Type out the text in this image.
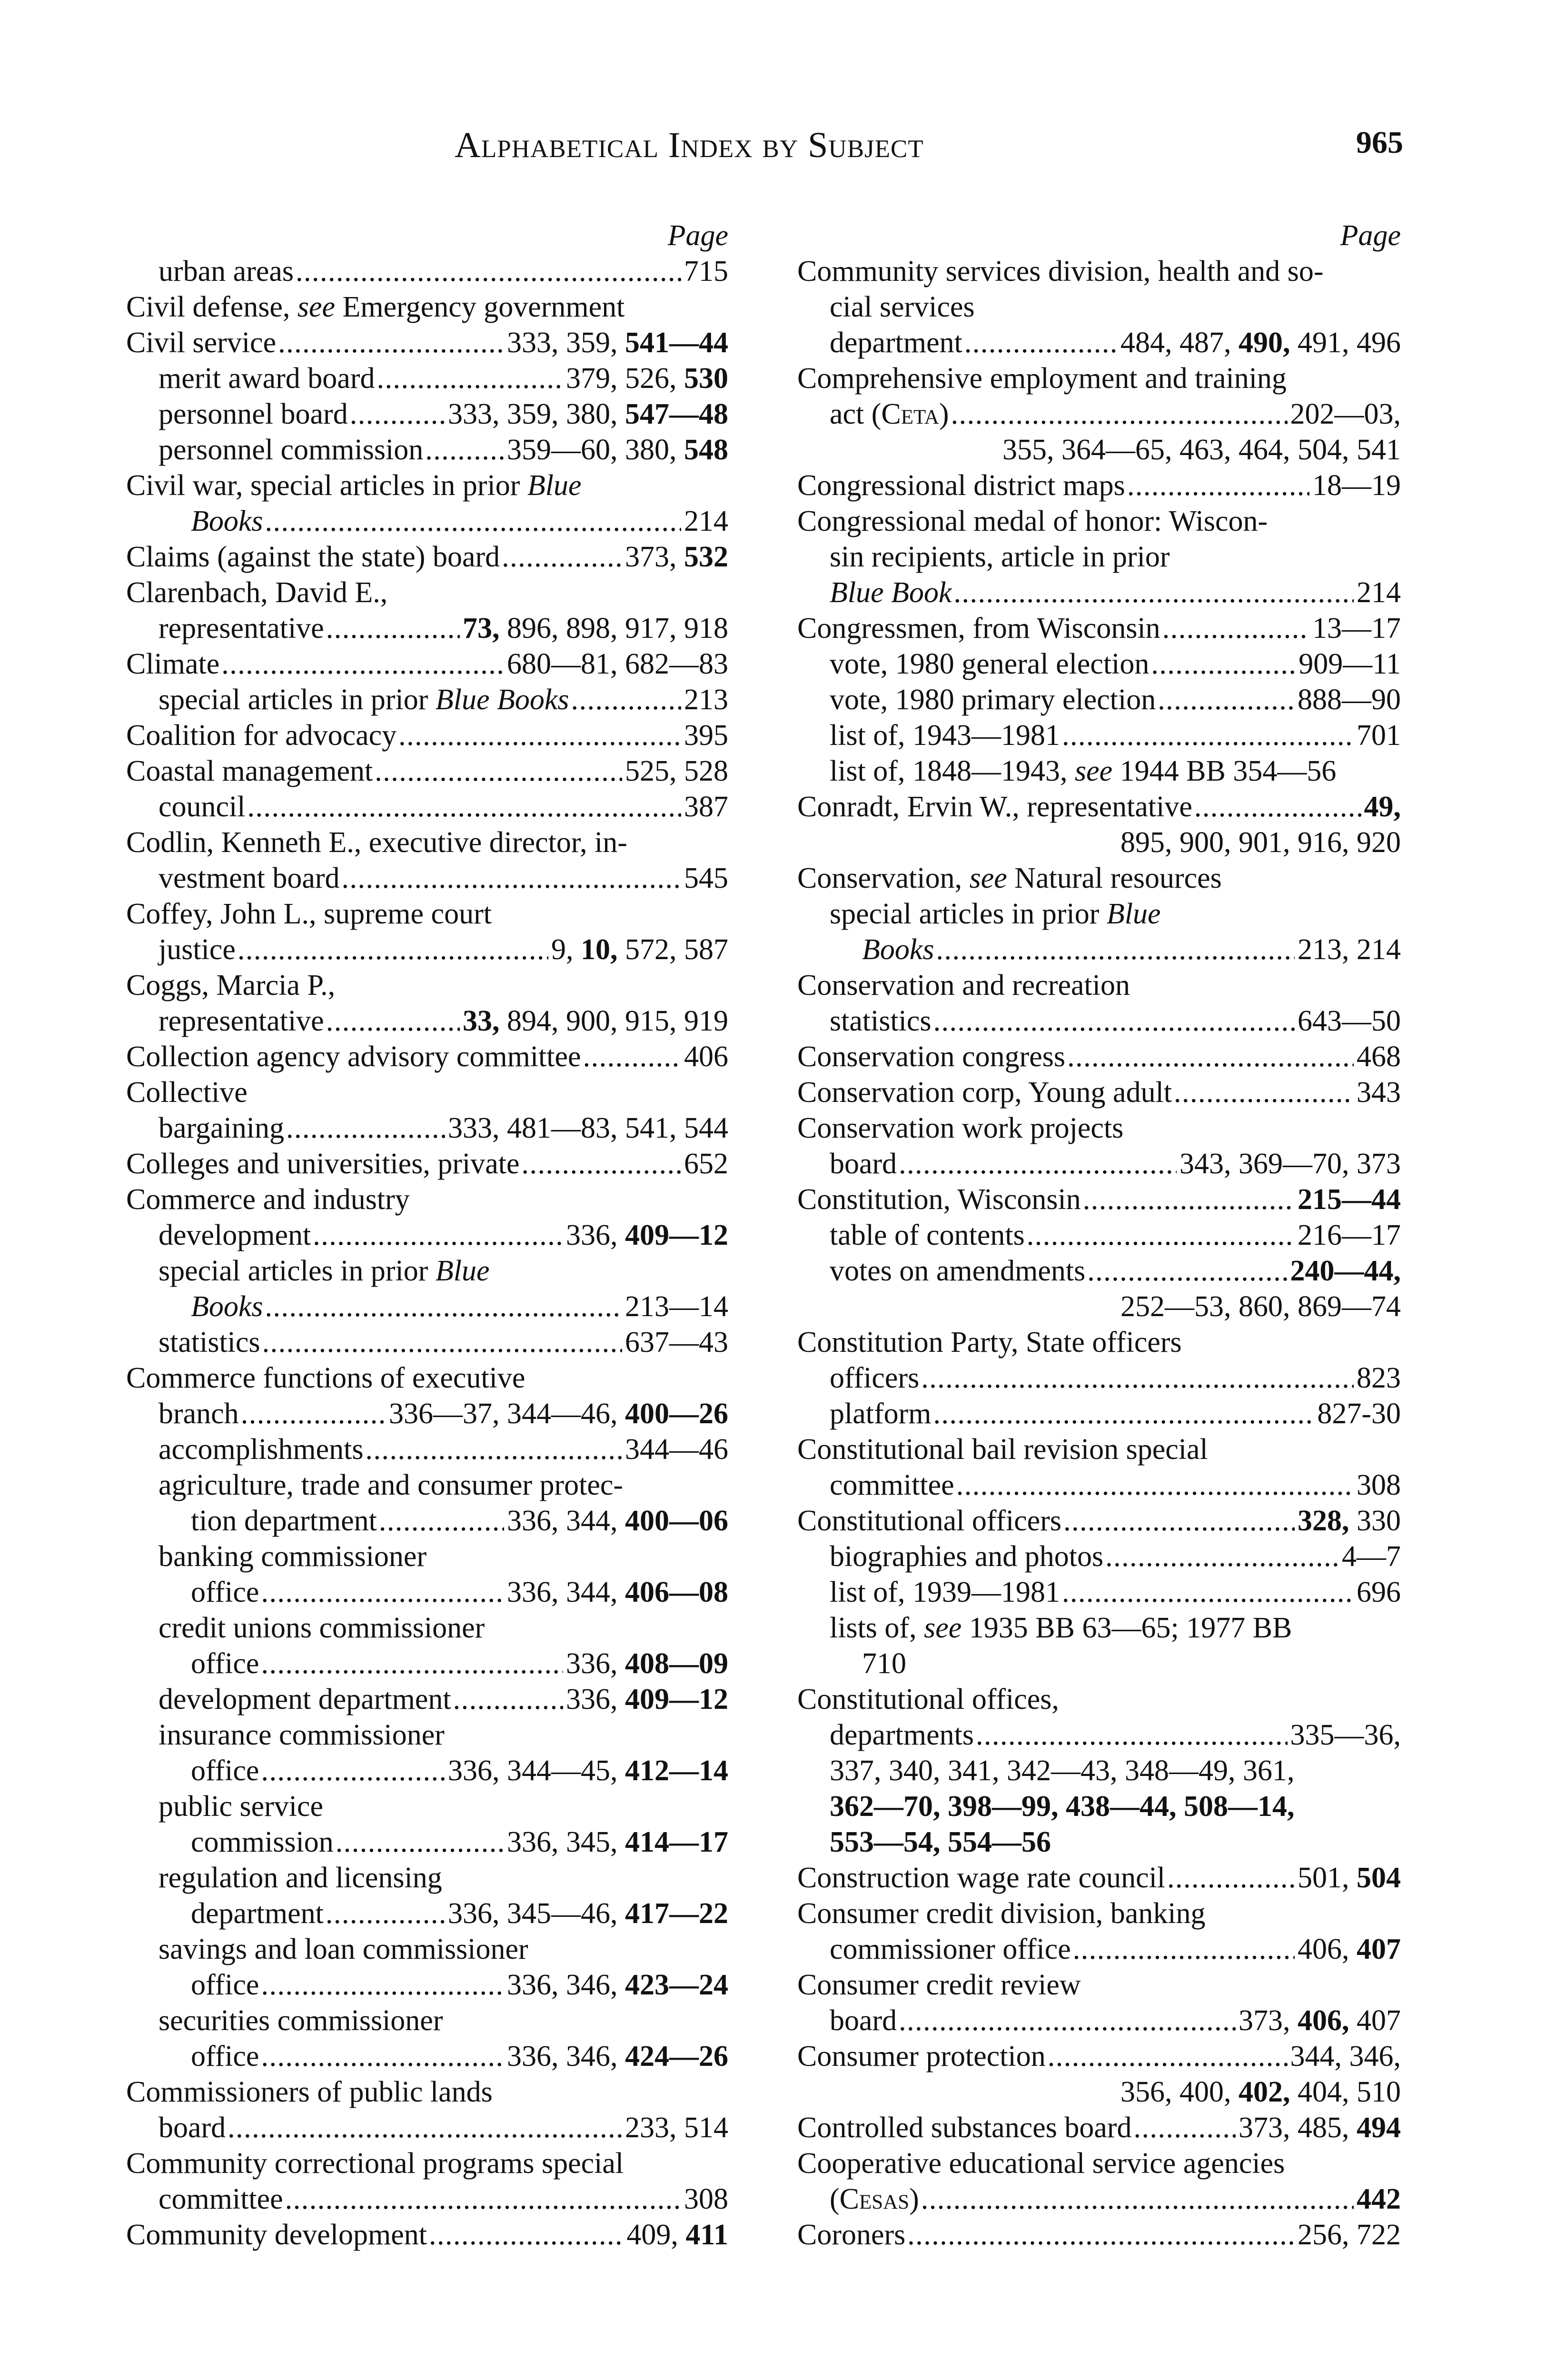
Alphabetical Index by Subject	965
Page
urban areas . . .	715
Civil defense, see Emergency government
Civil service . . .	333, 359, 541—44
merit award board . . .	379, 526, 530
personnel board . . .	333, 359, 380, 547—48
personnel commission . . .	359—60, 380, 548
Civil war, special articles in prior Blue
Books . . .	214
Claims (against the state) board . . .	373, 532
Clarenbach, David E.,
representative . . .	73, 896, 898, 917, 918
Climate . . .	680—81, 682—83
special articles in prior Blue Books . . .	213
Coalition for advocacy . . .	395
Coastal management . . .	525, 528
council . . .	387
Codlin, Kenneth E., executive director, in-
vestment board . . .	545
Coffey, John L., supreme court
justice . . .	9, 10, 572, 587
Coggs, Marcia P.,
representative . . .	33, 894, 900, 915, 919
Collection agency advisory committee . . .	406
Collective
bargaining . . .	333, 481—83, 541, 544
Colleges and universities, private . . .	652
Commerce and industry
development . . .	336, 409—12
special articles in prior Blue
Books . . .	213—14
statistics . . .	637—43
Commerce functions of executive
branch . . .	336—37, 344—46, 400—26
accomplishments . . .	344—46
agriculture, trade and consumer protec-
tion department . . .	336, 344, 400—06
banking commissioner
office . . .	336, 344, 406—08
credit unions commissioner
office . . .	336, 408—09
development department . . .	336, 409—12
insurance commissioner
office . . .	336, 344—45, 412—14
public service
commission . . .	336, 345, 414—17
regulation and licensing
department . . .	336, 345—46, 417—22
savings and loan commissioner
office . . .	336, 346, 423—24
securities commissioner
office . . .	336, 346, 424—26
Commissioners of public lands
board . . .	233, 514
Community correctional programs special
committee . . .	308
Community development . . .	409, 411
Page
Community services division, health and so-
cial services
department . . .	484, 487, 490, 491, 496
Comprehensive employment and training
act (Ceta) . . .	202—03,
355, 364—65, 463, 464, 504, 541
Congressional district maps . . .	18—19
Congressional medal of honor: Wiscon-
sin recipients, article in prior
Blue Book . . .	214
Congressmen, from Wisconsin . . .	13—17
vote, 1980 general election . . .	909—11
vote, 1980 primary election . . .	888—90
list of, 1943—1981 . . .	701
list of, 1848—1943, see 1944 BB 354—56
Conradt, Ervin W., representative . . .	49,
895, 900, 901, 916, 920
Conservation, see Natural resources
special articles in prior Blue
Books . . .	213, 214
Conservation and recreation
statistics . . .	643—50
Conservation congress . . .	468
Conservation corp, Young adult . . .	343
Conservation work projects
board . . .	343, 369—70, 373
Constitution, Wisconsin . . .	215—44
table of contents . . .	216—17
votes on amendments . . .	240—44,
252—53, 860, 869—74
Constitution Party, State officers
officers . . .	823
platform . . .	827-30
Constitutional bail revision special
committee . . .	308
Constitutional officers . . .	328, 330
biographies and photos . . .	4—7
list of, 1939—1981 . . .	696
lists of, see 1935 BB 63—65; 1977 BB
710
Constitutional offices,
departments . . .	335—36,
337, 340, 341, 342—43, 348—49, 361,
362—70, 398—99, 438—44, 508—14,
553—54, 554—56
Construction wage rate council . . .	501, 504
Consumer credit division, banking
commissioner office . . .	406, 407
Consumer credit review
board . . .	373, 406, 407
Consumer protection . . .	344, 346,
356, 400, 402, 404, 510
Controlled substances board . . .	373, 485, 494
Cooperative educational service agencies
(Cesas) . . .	442
Coroners . . .	256, 722
